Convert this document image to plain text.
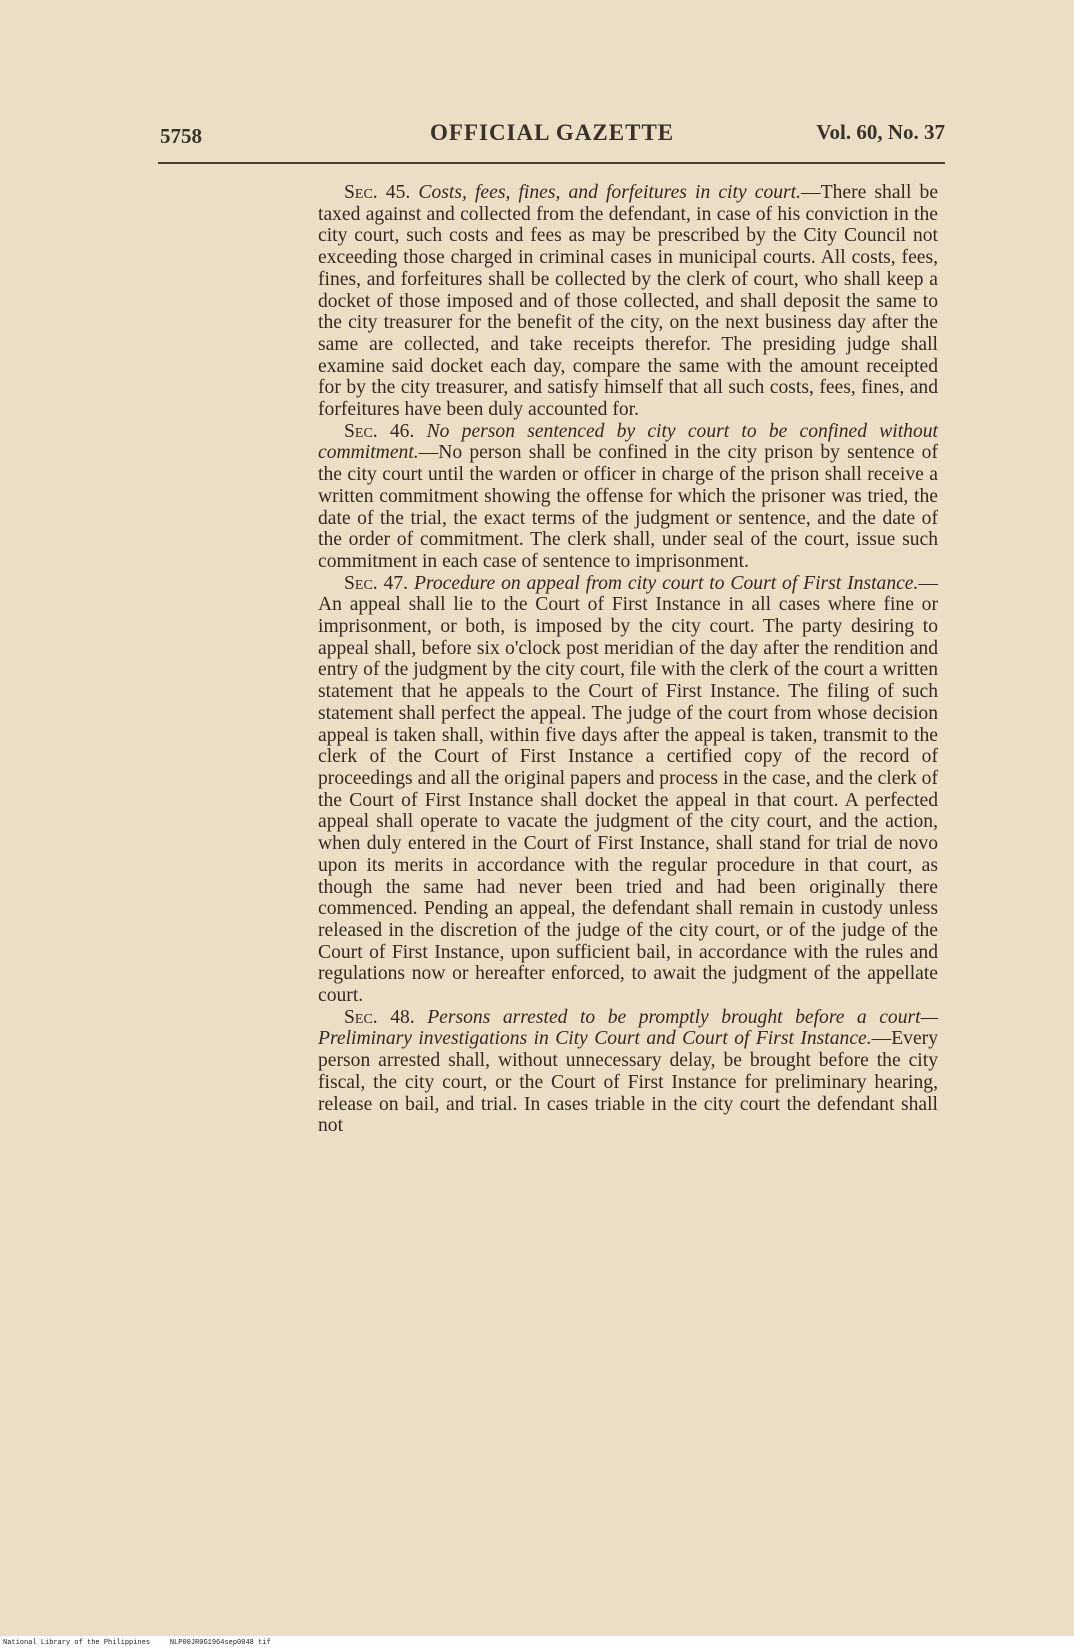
5758	OFFICIAL GAZETTE	Vol. 60, No. 37

Sec. 45. Costs, fees, fines, and forfeitures in city court.—There shall be taxed against and collected from the defendant, in case of his conviction in the city court, such costs and fees as may be prescribed by the City Council not exceeding those charged in criminal cases in municipal courts. All costs, fees, fines, and forfeitures shall be collected by the clerk of court, who shall keep a docket of those imposed and of those collected, and shall deposit the same to the city treasurer for the benefit of the city, on the next business day after the same are collected, and take receipts therefor. The presiding judge shall examine said docket each day, compare the same with the amount receipted for by the city treasurer, and satisfy himself that all such costs, fees, fines, and forfeitures have been duly accounted for.

Sec. 46. No person sentenced by city court to be confined without commitment.—No person shall be confined in the city prison by sentence of the city court until the warden or officer in charge of the prison shall receive a written commitment showing the offense for which the prisoner was tried, the date of the trial, the exact terms of the judgment or sentence, and the date of the order of commitment. The clerk shall, under seal of the court, issue such commitment in each case of sentence to imprisonment.

Sec. 47. Procedure on appeal from city court to Court of First Instance.—An appeal shall lie to the Court of First Instance in all cases where fine or imprisonment, or both, is imposed by the city court. The party desiring to appeal shall, before six o'clock post meridian of the day after the rendition and entry of the judgment by the city court, file with the clerk of the court a written statement that he appeals to the Court of First Instance. The filing of such statement shall perfect the appeal. The judge of the court from whose decision appeal is taken shall, within five days after the appeal is taken, transmit to the clerk of the Court of First Instance a certified copy of the record of proceedings and all the original papers and process in the case, and the clerk of the Court of First Instance shall docket the appeal in that court. A perfected appeal shall operate to vacate the judgment of the city court, and the action, when duly entered in the Court of First Instance, shall stand for trial de novo upon its merits in accordance with the regular procedure in that court, as though the same had never been tried and had been originally there commenced. Pending an appeal, the defendant shall remain in custody unless released in the discretion of the judge of the city court, or of the judge of the Court of First Instance, upon sufficient bail, in accordance with the rules and regulations now or hereafter enforced, to await the judgment of the appellate court.

Sec. 48. Persons arrested to be promptly brought before a court—Preliminary investigations in City Court and Court of First Instance.—Every person arrested shall, without unnecessary delay, be brought before the city fiscal, the city court, or the Court of First Instance for preliminary hearing, release on bail, and trial. In cases triable in the city court the defendant shall not

National Library of the Philippines	NLP00JR0G1964sep0048 tif
